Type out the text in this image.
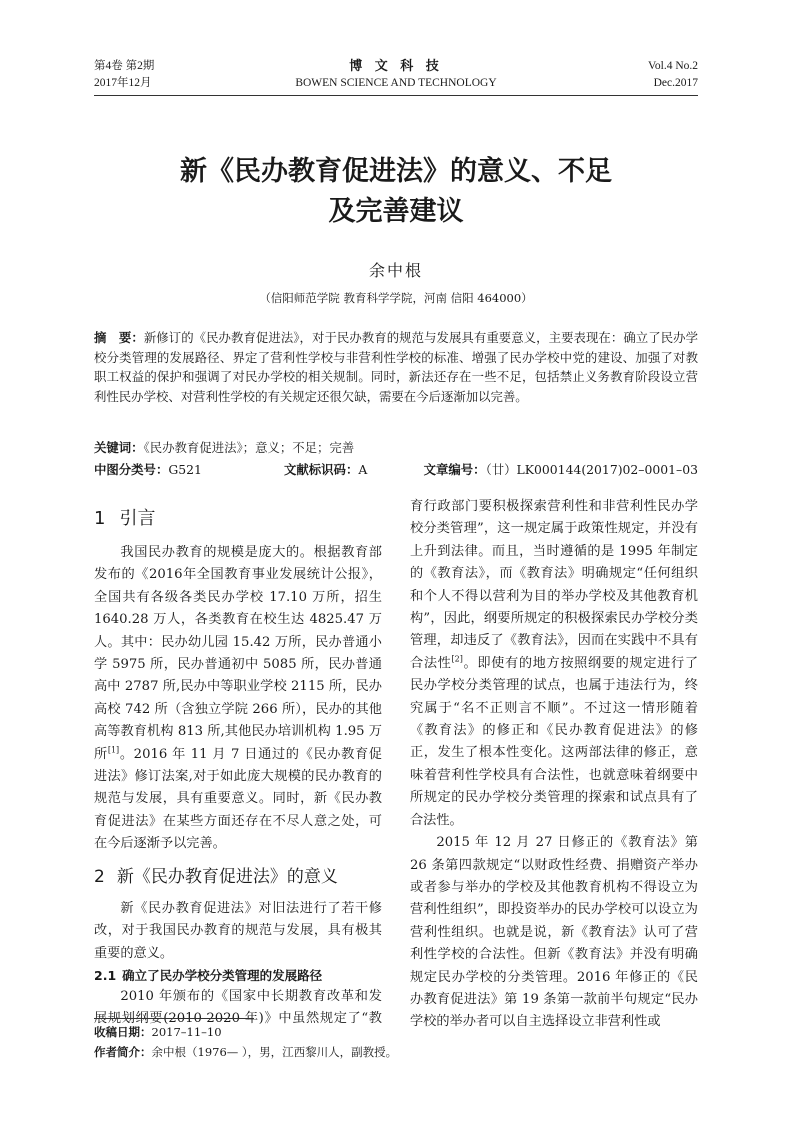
第4卷 第2期
2017年12月
博 文 科 技
BOWEN SCIENCE AND TECHNOLOGY
Vol.4 No.2
Dec.2017
新《民办教育促进法》的意义、不足
及完善建议
余中根
（信阳师范学院 教育科学学院，河南 信阳 464000）
摘　要：新修订的《民办教育促进法》，对于民办教育的规范与发展具有重要意义，主要表现在：确立了民办学校分类管理的发展路径、界定了营利性学校与非营利性学校的标准、增强了民办学校中党的建设、加强了对教职工权益的保护和强调了对民办学校的相关规制。同时，新法还存在一些不足，包括禁止义务教育阶段设立营利性民办学校、对营利性学校的有关规定还很欠缺，需要在今后逐渐加以完善。
关键词：《民办教育促进法》；意义；不足；完善
中图分类号：G521	文献标识码：A	文章编号：（廿）LK000144(2017)02–0001–03
1 引言

我国民办教育的规模是庞大的。根据教育部发布的《2016年全国教育事业发展统计公报》，全国共有各级各类民办学校 17.10 万所，招生 1640.28 万人，各类教育在校生达 4825.47 万人。其中：民办幼儿园 15.42 万所，民办普通小学 5975 所，民办普通初中 5085 所，民办普通高中 2787 所,民办中等职业学校 2115 所，民办高校 742 所（含独立学院 266 所），民办的其他高等教育机构 813 所,其他民办培训机构 1.95 万所[1]。2016 年 11 月 7 日通过的《民办教育促进法》修订法案,对于如此庞大规模的民办教育的规范与发展，具有重要意义。同时，新《民办教育促进法》在某些方面还存在不尽人意之处，可在今后逐渐予以完善。

2 新《民办教育促进法》的意义

新《民办教育促进法》对旧法进行了若干修改，对于我国民办教育的规范与发展，具有极其重要的意义。

2.1 确立了民办学校分类管理的发展路径

2010 年颁布的《国家中长期教育改革和发展规划纲要(2010-2020 年)》中虽然规定了“教

育行政部门要积极探索营利性和非营利性民办学校分类管理”，这一规定属于政策性规定，并没有上升到法律。而且，当时遵循的是 1995 年制定的《教育法》，而《教育法》明确规定“任何组织和个人不得以营利为目的举办学校及其他教育机构”，因此，纲要所规定的积极探索民办学校分类管理，却违反了《教育法》，因而在实践中不具有合法性[2]。即使有的地方按照纲要的规定进行了民办学校分类管理的试点，也属于违法行为，终究属于“名不正则言不顺”。不过这一情形随着《教育法》的修正和《民办教育促进法》的修正，发生了根本性变化。这两部法律的修正，意味着营利性学校具有合法性，也就意味着纲要中所规定的民办学校分类管理的探索和试点具有了合法性。

2015 年 12 月 27 日修正的《教育法》第 26 条第四款规定“以财政性经费、捐赠资产举办或者参与举办的学校及其他教育机构不得设立为营利性组织”，即投资举办的民办学校可以设立为营利性组织。也就是说，新《教育法》认可了营利性学校的合法性。但新《教育法》并没有明确规定民办学校的分类管理。2016 年修正的《民办教育促进法》第 19 条第一款前半句规定“民办学校的举办者可以自主选择设立非营利性或

收稿日期：2017–11–10
作者简介：余中根（1976— ），男，江西黎川人，副教授。
